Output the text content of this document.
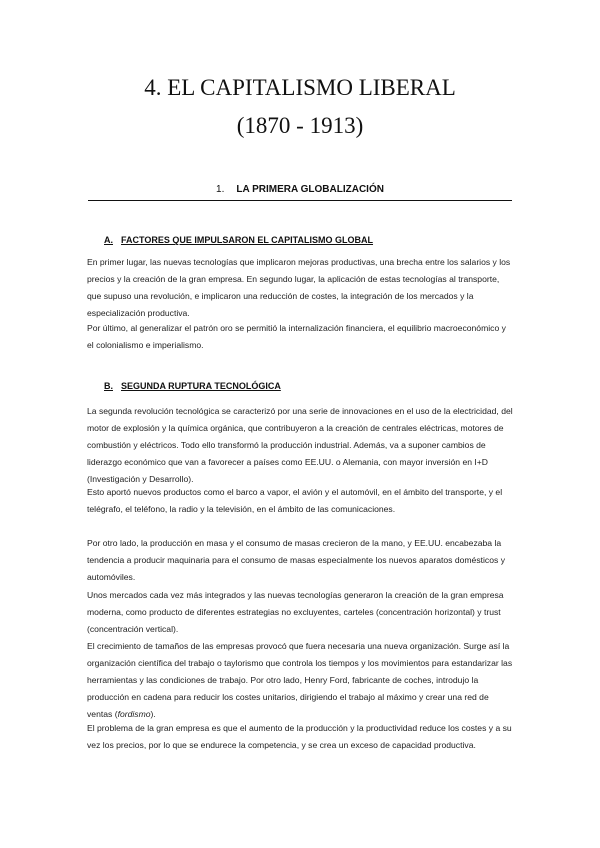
4. EL CAPITALISMO LIBERAL
(1870 - 1913)
1. LA PRIMERA GLOBALIZACIÓN
A. FACTORES QUE IMPULSARON EL CAPITALISMO GLOBAL

En primer lugar, las nuevas tecnologías que implicaron mejoras productivas, una brecha entre los salarios y los precios y la creación de la gran empresa. En segundo lugar, la aplicación de estas tecnologías al transporte, que supuso una revolución, e implicaron una reducción de costes, la integración de los mercados y la especialización productiva.

Por último, al generalizar el patrón oro se permitió la internalización financiera, el equilibrio macroeconómico y el colonialismo e imperialismo.

B. SEGUNDA RUPTURA TECNOLÓGICA

La segunda revolución tecnológica se caracterizó por una serie de innovaciones en el uso de la electricidad, del motor de explosión y la química orgánica, que contribuyeron a la creación de centrales eléctricas, motores de combustión y eléctricos. Todo ello transformó la producción industrial. Además, va a suponer cambios de liderazgo económico que van a favorecer a países como EE.UU. o Alemania, con mayor inversión en I+D (Investigación y Desarrollo).

Esto aportó nuevos productos como el barco a vapor, el avión y el automóvil, en el ámbito del transporte, y el telégrafo, el teléfono, la radio y la televisión, en el ámbito de las comunicaciones.

Por otro lado, la producción en masa y el consumo de masas crecieron de la mano, y EE.UU. encabezaba la tendencia a producir maquinaria para el consumo de masas especialmente los nuevos aparatos domésticos y automóviles.

Unos mercados cada vez más integrados y las nuevas tecnologías generaron la creación de la gran empresa moderna, como producto de diferentes estrategias no excluyentes, carteles (concentración horizontal) y trust (concentración vertical).

El crecimiento de tamaños de las empresas provocó que fuera necesaria una nueva organización. Surge así la organización científica del trabajo o taylorismo que controla los tiempos y los movimientos para estandarizar las herramientas y las condiciones de trabajo. Por otro lado, Henry Ford, fabricante de coches, introdujo la producción en cadena para reducir los costes unitarios, dirigiendo el trabajo al máximo y crear una red de ventas (fordismo).

El problema de la gran empresa es que el aumento de la producción y la productividad reduce los costes y a su vez los precios, por lo que se endurece la competencia, y se crea un exceso de capacidad productiva.
